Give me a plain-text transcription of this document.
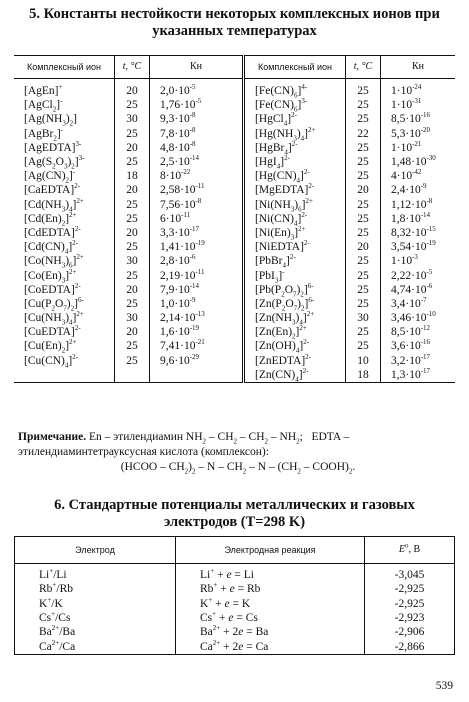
5. Константы нестойкости некоторых комплексных ионов при
указанных температурах
Комплексный ион	t, °C	Кн	Комплексный ион	t, °C	Кн

[AgEn]+	20	$2,0\cdot 10^{-5}$	$[Fe(CN)_6]^{4-}$	25	$1\cdot 10^{-24}$
[AgCl$_2$]-	25	$1,76\cdot 10^{-5}$	$[Fe(CN)_6]^{3-}$	25	$1\cdot 10^{-31}$
$[Ag(NH_3)_2]$	30	$9,3\cdot 10^{-8}$	[HgCl$_4$]$^{2-}$	25	$8,5\cdot 10^{-16}$
[AgBr$_2$]-	25	$7,8\cdot 10^{-8}$	$[Hg(NH_3)_4]^{2+}$	22	$5,3\cdot 10^{-20}$
[AgEDTA]$^{3-}$	20	$4,8\cdot 10^{-8}$	[HgBr$_4$]$^{2-}$	25	$1\cdot 10^{-21}$
$[Ag(S_2O_3)_2]^{3-}$	25	$2,5\cdot 10^{-14}$	$[HgI_4]^{2-}$	25	$1,48\cdot 10^{-30}$
$[Ag(CN)_2]^-$	18	$8\cdot 10^{-22}$	$[Hg(CN)_4]^{2-}$	25	$4\cdot 10^{-42}$
[CaEDTA]$^{2-}$	20	$2,58\cdot 10^{-11}$	[MgEDTA]$^{2-}$	20	$2,4\cdot 10^{-9}$
$[Cd(NH_3)_4]^{2+}$	25	$7,56\cdot 10^{-8}$	$[Ni(NH_3)_6]^{2+}$	25	$1,12\cdot 10^{-8}$
$[Cd(En)_2]^{2+}$	25	$6\cdot 10^{-11}$	$[Ni(CN)_4]^{2-}$	25	$1,8\cdot 10^{-14}$
[CdEDTA]$^{2-}$	20	$3,3\cdot 10^{-17}$	$[Ni(En)_3]^{2+}$	25	$8,32\cdot 10^{-15}$
$[Cd(CN)_4]^{2-}$	25	$1,41\cdot 10^{-19}$	[NiEDTA]$^{2-}$	20	$3,54\cdot 10^{-19}$
$[Co(NH_3)_6]^{2+}$	30	$2,8\cdot 10^{-6}$	[PbBr$_4$]$^{2-}$	25	$1\cdot 10^{-3}$
$[Co(En)_3]^{2+}$	25	$2,19\cdot 10^{-11}$	[PbI$_3$]-	25	$2,22\cdot 10^{-5}$
[CoEDTA]$^{2-}$	20	$7,9\cdot 10^{-14}$	$[Pb(P_2O_7)_2]^{6-}$	25	$4,74\cdot 10^{-6}$
$[Cu(P_2O_7)_2]^{6-}$	25	$1,0\cdot 10^{-9}$	$[Zn(P_2O_7)_2]^{6-}$	25	$3,4\cdot 10^{-7}$
$[Cu(NH_3)_4]^{2+}$	30	$2,14\cdot 10^{-13}$	$[Zn(NH_3)_4]^{2+}$	30	$3,46\cdot 10^{-10}$
[CuEDTA]$^{2-}$	20	$1,6\cdot 10^{-19}$	$[Zn(En)_2]^{2+}$	25	$8,5\cdot 10^{-12}$
$[Cu(En)_2]^{2+}$	25	$7,41\cdot 10^{-21}$	$[Zn(OH)_4]^{2-}$	25	$3,6\cdot 10^{-16}$
$[Cu(CN)_4]^{2-}$	25	$9,6\cdot 10^{-29}$	[ZnEDTA]$^{2-}$	10	$3,2\cdot 10^{-17}$
			$[Zn(CN)_4]^{2-}$	18	$1,3\cdot 10^{-17}$
Примечание. En – этилендиамин $NH_2 - CH_2 - CH_2 - NH_2$;   EDTA –
этилендиаминтетрауксусная кислота (комплексон):
(HCOO – $CH_2)_2$ – N – $CH_2$ – N – ($CH_2$ – $COOH)_2$.
6. Стандартные потенциалы металлических и газовых
электродов (T=298 K)
Электрод	Электродная реакция	$E^o$, В

Li+/Li	Li+ + e = Li	-3,045
Rb+/Rb	Rb+ + e = Rb	-2,925
K+/K	K+ + e = K	-2,925
Cs+/Cs	Cs+ + e = Cs	-2,923
$Ba^{2+}/Ba$	$Ba^{2+} + 2e = Ba$	-2,906
$Ca^{2+}/Ca$	$Ca^{2+} + 2e = Ca$	-2,866
539
